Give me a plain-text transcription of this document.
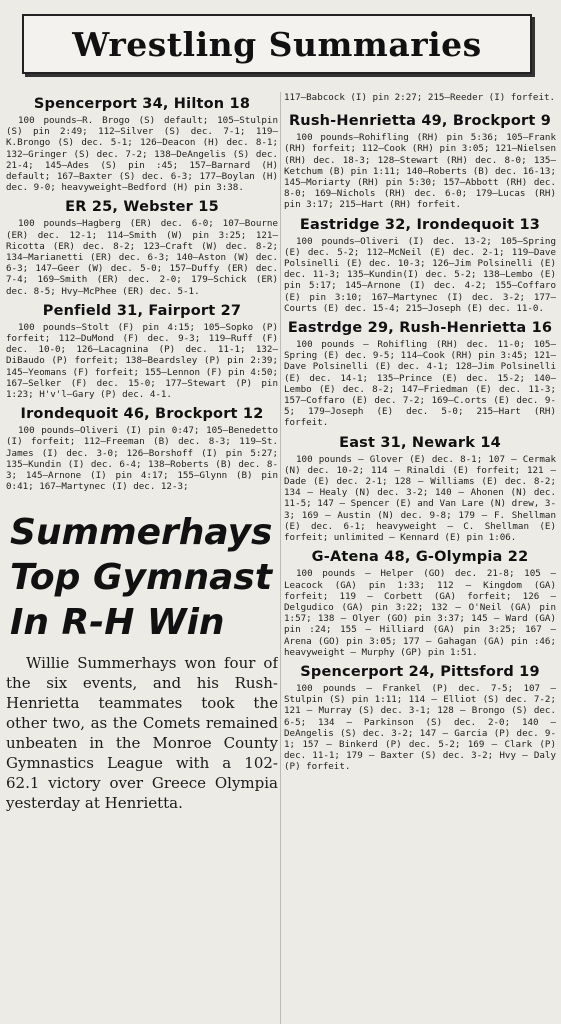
Wrestling Summaries
Spencerport 34, Hilton 18

100 pounds—R. Brogo (S) default; 105—Stulpin (S) pin 2:49; 112—Silver (S) dec. 7-1; 119—K.Brongo (S) dec. 5-1; 126—Deacon (H) dec. 8-1; 132—Gringer (S) dec. 7-2; 138—DeAngelis (S) dec. 21-4; 145—Ades (S) pin :45; 157—Barnard (H) default; 167—Baxter (S) dec. 6-3; 177—Boylan (H) dec. 9-0; heavyweight—Bedford (H) pin 3:38.

ER 25, Webster 15

100 pounds—Hagberg (ER) dec. 6-0; 107—Bourne (ER) dec. 12-1; 114—Smith (W) pin 3:25; 121—Ricotta (ER) dec. 8-2; 123—Craft (W) dec. 8-2; 134—Marianetti (ER) dec. 6-3; 140—Aston (W) dec. 6-3; 147—Geer (W) dec. 5-0; 157—Duffy (ER) dec. 7-4; 169—Smith (ER) dec. 2-0; 179—Schick (ER) dec. 8-5; Hvy—McPhee (ER) dec. 5-1.

Penfield 31, Fairport 27

100 pounds—Stolt (F) pin 4:15; 105—Sopko (P) forfeit; 112—DuMond (F) dec. 9-3; 119—Ruff (F) dec. 10-0; 126—Lacagnina (P) dec. 11-1; 132—DiBaudo (P) forfeit; 138—Beardsley (P) pin 2:39; 145—Yeomans (F) forfeit; 155—Lennon (F) pin 4:50; 167—Selker (F) dec. 15-0; 177—Stewart (P) pin 1:23; H'v'l—Gary (P) dec. 4-1.

Irondequoit 46, Brockport 12

100 pounds—Oliveri (I) pin 0:47; 105—Benedetto (I) forfeit; 112—Freeman (B) dec. 8-3; 119—St. James (I) dec. 3-0; 126—Borshoff (I) pin 5:27; 135—Kundin (I) dec. 6-4; 138—Roberts (B) dec. 8-3; 145—Arnone (I) pin 4:17; 155—Glynn (B) pin 0:41; 167—Martynec (I) dec. 12-3;

Summerhays
Top Gymnast
In R-H Win

Willie Summerhays won four of the six events, and his Rush-Henrietta teammates took the other two, as the Comets remained unbeaten in the Monroe County Gymnastics League with a 102-62.1 victory over Greece Olympia yesterday at Henrietta.

117—Babcock (I) pin 2:27; 215—Reeder (I) forfeit.

Rush-Henrietta 49, Brockport 9

100 pounds—Rohifling (RH) pin 5:36; 105—Frank (RH) forfeit; 112—Cook (RH) pin 3:05; 121—Nielsen (RH) dec. 18-3; 128—Stewart (RH) dec. 8-0; 135—Ketchum (B) pin 1:11; 140—Roberts (B) dec. 16-13; 145—Moriarty (RH) pin 5:30; 157—Abbott (RH) dec. 8-0; 169—Nichols (RH) dec. 6-0; 179—Lucas (RH) pin 3:17; 215—Hart (RH) forfeit.

Eastridge 32, Irondequoit 13

100 pounds—Oliveri (I) dec. 13-2; 105—Spring (E) dec. 5-2; 112—McNeil (E) dec. 2-1; 119—Dave Polsinelli (E) dec. 10-3; 126—Jim Polsinelli (E) dec. 11-3; 135—Kundin(I) dec. 5-2; 138—Lembo (E) pin 5:17; 145—Arnone (I) dec. 4-2; 155—Coffaro (E) pin 3:10; 167—Martynec (I) dec. 3-2; 177—Courts (E) dec. 15-4; 215—Joseph (E) dec. 11-0.

Eastrdge 29, Rush-Henrietta 16

100 pounds — Rohifling (RH) dec. 11-0; 105—Spring (E) dec. 9-5; 114—Cook (RH) pin 3:45; 121—Dave Polsinelli (E) dec. 4-1; 128—Jim Polsinelli (E) dec. 14-1; 135—Prince (E) dec. 15-2; 140—Lembo (E) dec. 8-2; 147—Friedman (E) dec. 11-3; 157—Coffaro (E) dec. 7-2; 169—C.orts (E) dec. 9-5; 179—Joseph (E) dec. 5-0; 215—Hart (RH) forfeit.

East 31, Newark 14

100 pounds — Glover (E) dec. 8-1; 107 — Cermak (N) dec. 10-2; 114 — Rinaldi (E) forfeit; 121 — Dade (E) dec. 2-1; 128 — Williams (E) dec. 8-2; 134 — Healy (N) dec. 3-2; 140 — Ahonen (N) dec. 11-5; 147 — Spencer (E) and Van Lare (N) drew, 3-3; 169 — Austin (N) dec. 9-8; 179 — F. Shellman (E) dec. 6-1; heavyweight — C. Shellman (E) forfeit; unlimited — Kennard (E) pin 1:06.

G-Atena 48, G-Olympia 22

100 pounds — Helper (GO) dec. 21-8; 105 — Leacock (GA) pin 1:33; 112 — Kingdom (GA) forfeit; 119 — Corbett (GA) forfeit; 126 — Delgudico (GA) pin 3:22; 132 — O'Neil (GA) pin 1:57; 138 — Olyer (GO) pin 3:37; 145 — Ward (GA) pin :24; 155 — Hilliard (GA) pin 3:25; 167 — Arena (GO) pin 3:05; 177 — Gahagan (GA) pin :46; heavyweight — Murphy (GP) pin 1:51.

Spencerport 24, Pittsford 19

100 pounds — Frankel (P) dec. 7-5; 107 — Stulpin (S) pin 1:11; 114 — Elliot (S) dec. 7-2; 121 — Murray (S) dec. 3-1; 128 — Brongo (S) dec. 6-5; 134 — Parkinson (S) dec. 2-0; 140 — DeAngelis (S) dec. 3-2; 147 — Garcia (P) dec. 9-1; 157 — Binkerd (P) dec. 5-2; 169 — Clark (P) dec. 11-1; 179 — Baxter (S) dec. 3-2; Hvy — Daly (P) forfeit.
